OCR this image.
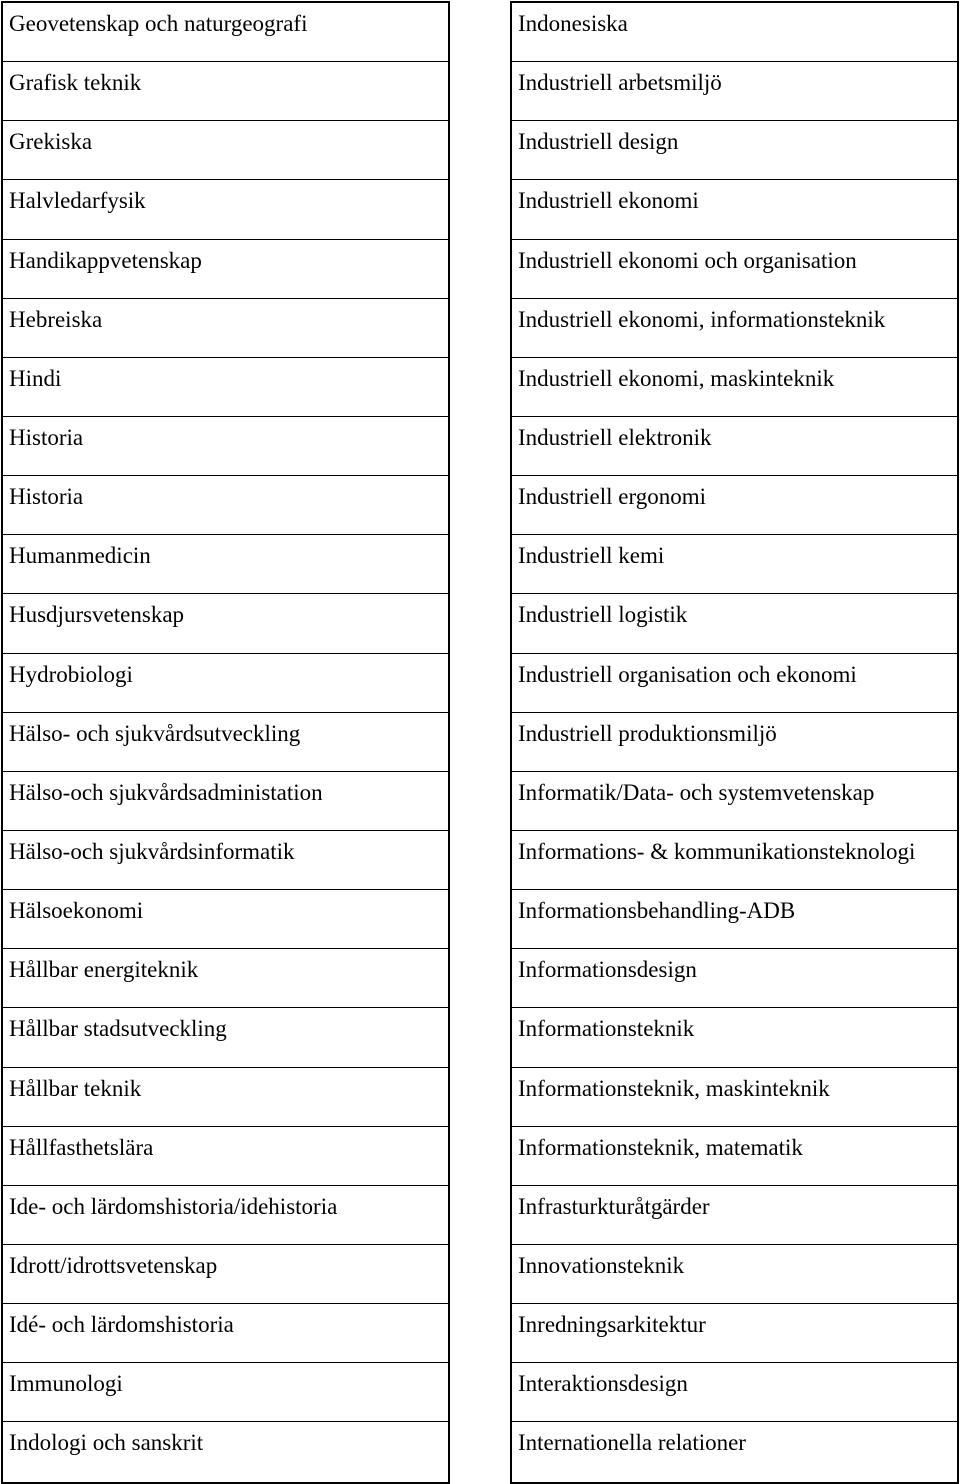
Geovetenskap och naturgeografi
Grafisk teknik
Grekiska
Halvledarfysik
Handikappvetenskap
Hebreiska
Hindi
Historia
Historia
Humanmedicin
Husdjursvetenskap
Hydrobiologi
Hälso- och sjukvårdsutveckling
Hälso-och sjukvårdsadministation
Hälso-och sjukvårdsinformatik
Hälsoekonomi
Hållbar energiteknik
Hållbar stadsutveckling
Hållbar teknik
Hållfasthetslära
Ide- och lärdomshistoria/idehistoria
Idrott/idrottsvetenskap
Idé- och lärdomshistoria
Immunologi
Indologi och sanskrit
Indonesiska
Industriell arbetsmiljö
Industriell design
Industriell ekonomi
Industriell ekonomi och organisation
Industriell ekonomi, informationsteknik
Industriell ekonomi, maskinteknik
Industriell elektronik
Industriell ergonomi
Industriell kemi
Industriell logistik
Industriell organisation och ekonomi
Industriell produktionsmiljö
Informatik/Data- och systemvetenskap
Informations- & kommunikationsteknologi
Informationsbehandling-ADB
Informationsdesign
Informationsteknik
Informationsteknik, maskinteknik
Informationsteknik, matematik
Infrasturkturåtgärder
Innovationsteknik
Inredningsarkitektur
Interaktionsdesign
Internationella relationer
